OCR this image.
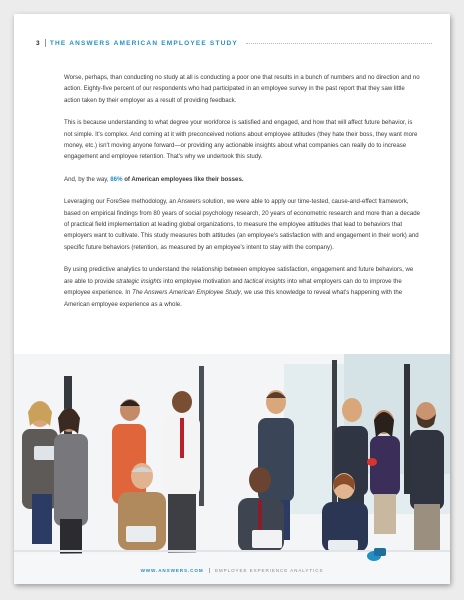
3 THE ANSWERS AMERICAN EMPLOYEE STUDY

Worse, perhaps, than conducting no study at all is conducting a poor one that results in a bunch of numbers and no direction and no action. Eighty-five percent of our respondents who had participated in an employee survey in the past report that they saw little action taken by their employer as a result of providing feedback.

This is because understanding to what degree your workforce is satisfied and engaged, and how that will affect future behavior, is not simple. It's complex. And coming at it with preconceived notions about employee attitudes (they hate their boss, they want more money, etc.) isn't moving anyone forward—or providing any actionable insights about what companies can really do to increase engagement and employee retention. That's why we undertook this study.

And, by the way, 86% of American employees like their bosses.

Leveraging our ForeSee methodology, an Answers solution, we were able to apply our time-tested, cause-and-effect framework, based on empirical findings from 80 years of social psychology research, 20 years of econometric research and more than a decade of practical field implementation at leading global organizations, to measure the employee attitudes that lead to behaviors that employers want to cultivate. This study measures both attitudes (an employee's satisfaction with and engagement in their work) and specific future behaviors (retention, as measured by an employee's intent to stay with the company).

By using predictive analytics to understand the relationship between employee satisfaction, engagement and future behaviors, we are able to provide strategic insights into employee motivation and tactical insights into what employers can do to improve the employee experience. In The Answers American Employee Study, we use this knowledge to reveal what's happening with the American employee experience as a whole.

WWW.ANSWERS.COM EMPLOYEE EXPERIENCE ANALYTICS
